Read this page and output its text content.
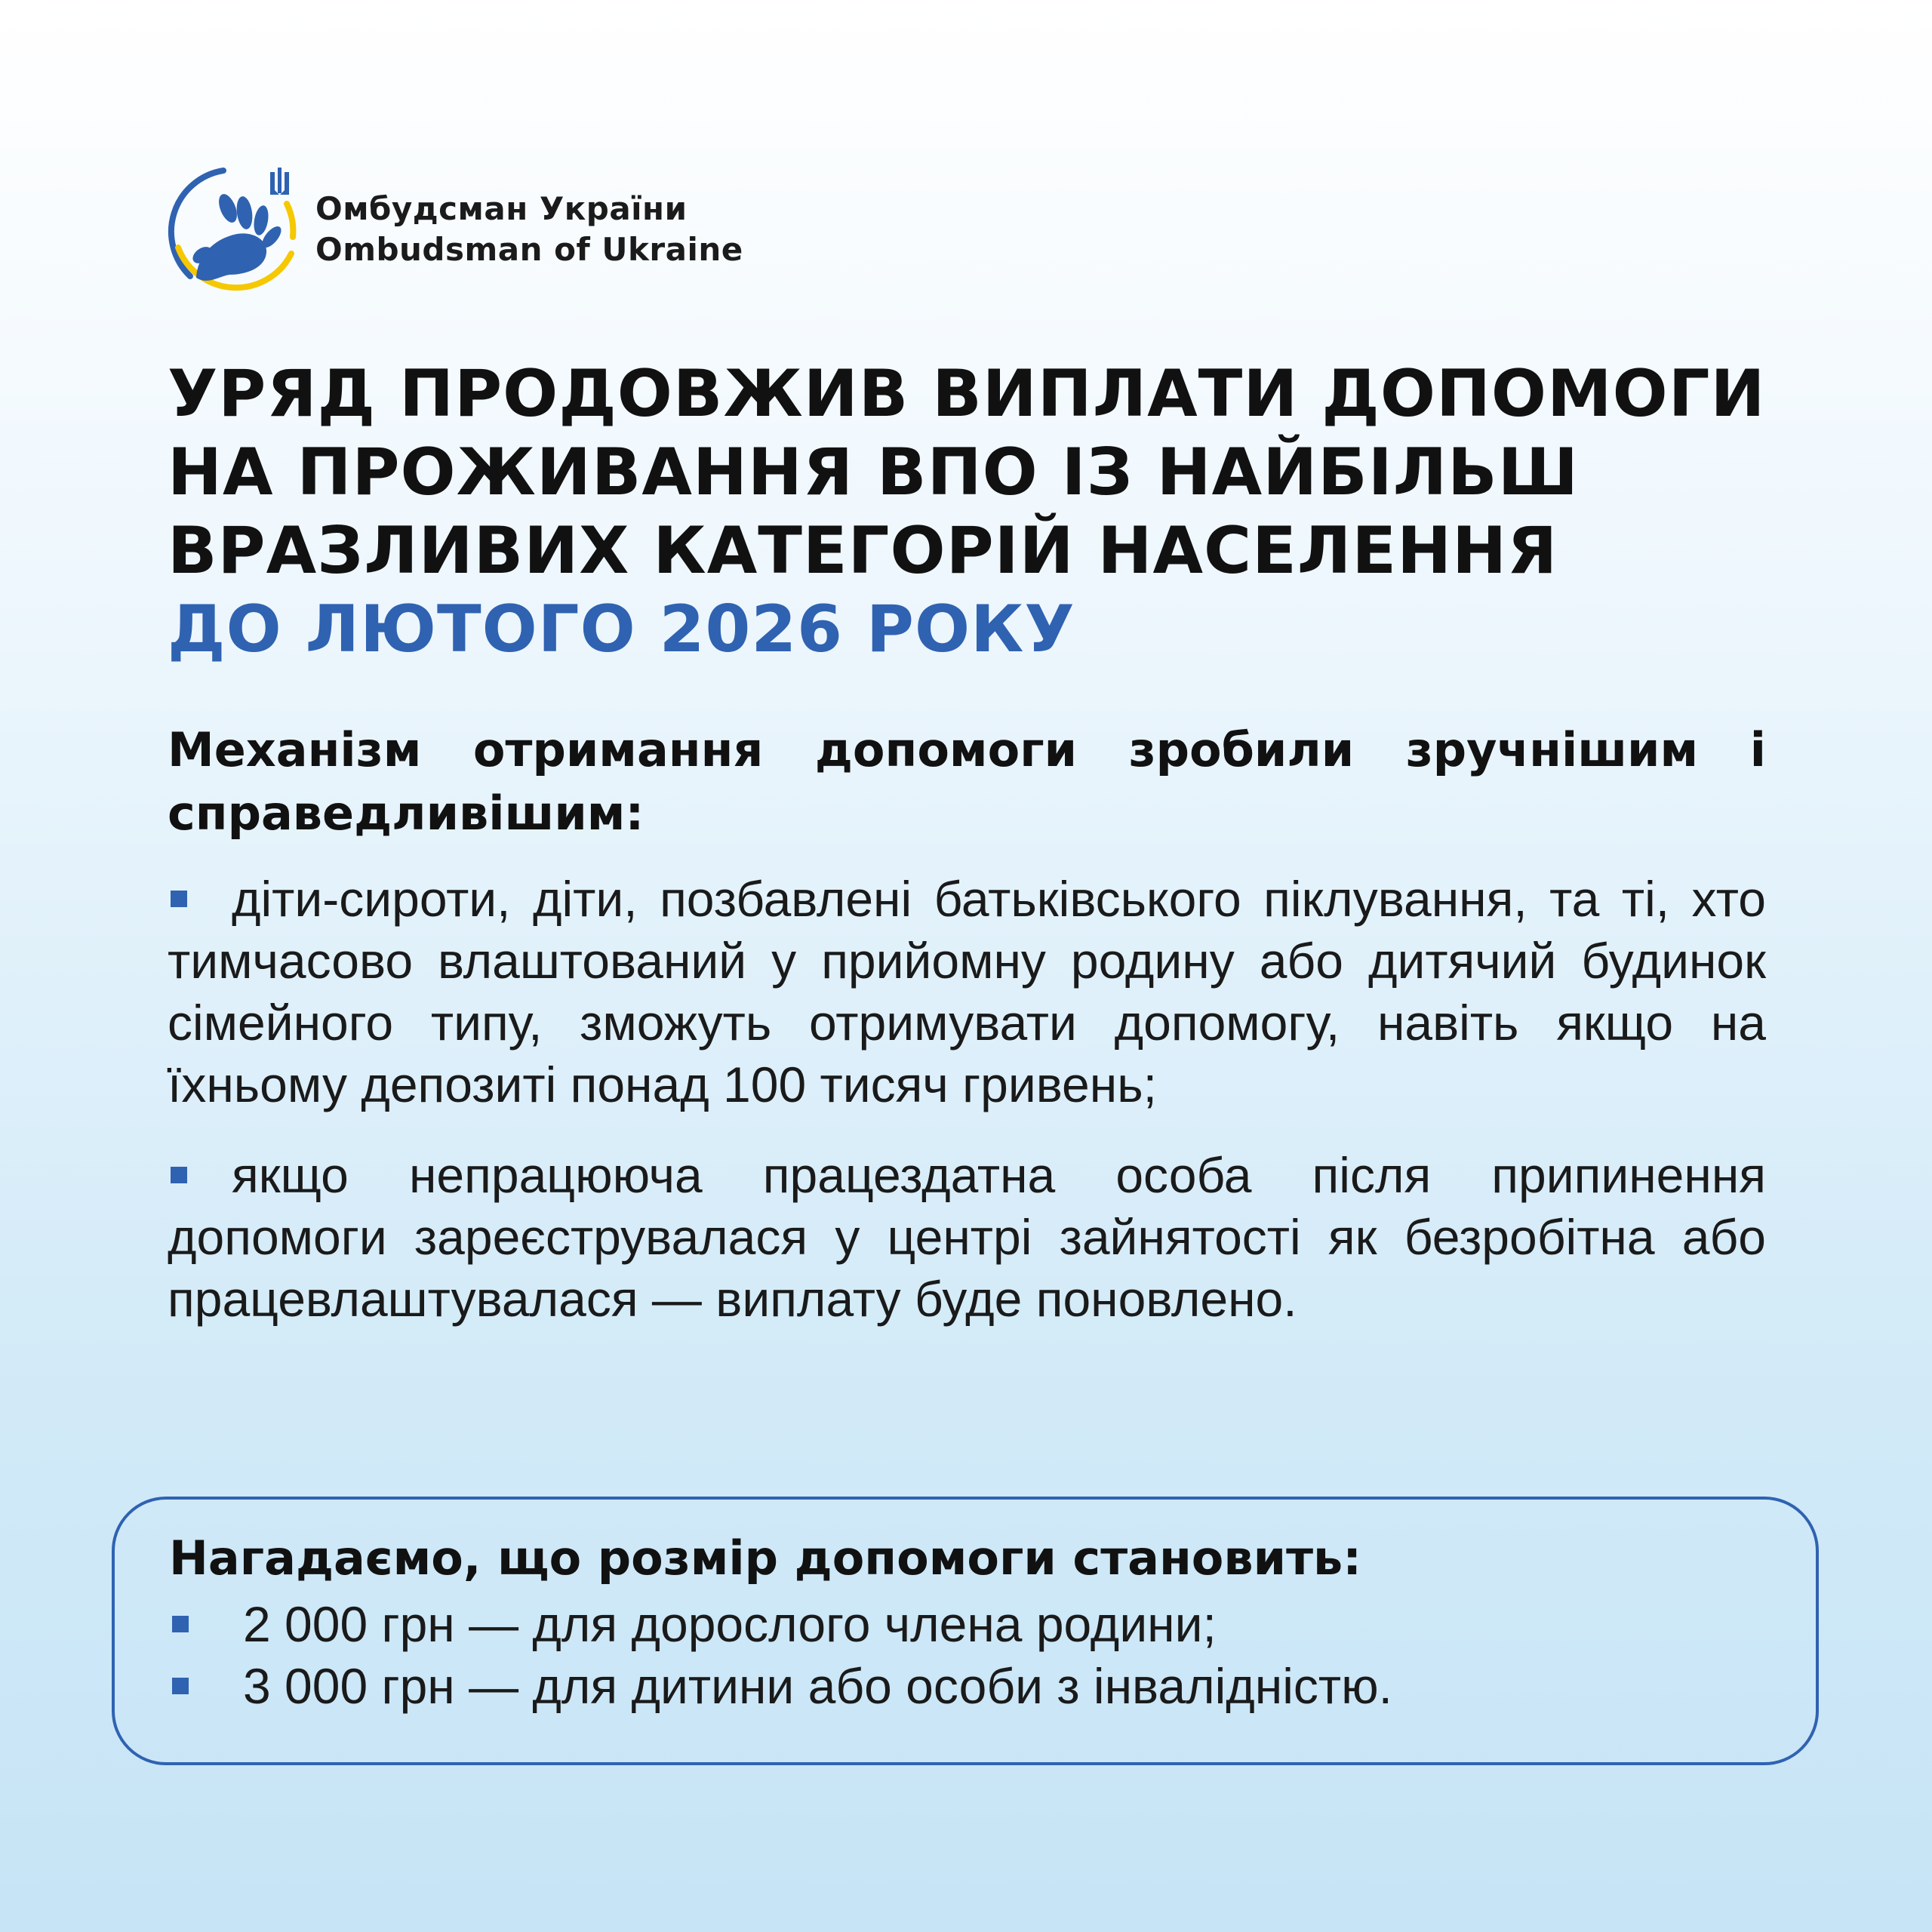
Омбудсман України
Ombudsman of Ukraine
УРЯД ПРОДОВЖИВ ВИПЛАТИ ДОПОМОГИ
НА ПРОЖИВАННЯ ВПО ІЗ НАЙБІЛЬШ
ВРАЗЛИВИХ КАТЕГОРІЙ НАСЕЛЕННЯ
ДО ЛЮТОГО 2026 РОКУ
Механізм отримання допомоги зробили зручнішим і справедливішим:

діти-сироти, діти, позбавлені батьківського піклування, та ті, хто тимчасово влаштований у прийомну родину або дитячий будинок сімейного типу, зможуть отримувати допомогу, навіть якщо на їхньому депозиті понад 100 тисяч гривень;

якщо непрацююча працездатна особа після припинення допомоги зареєструвалася у центрі зайнятості як безробітна або працевлаштувалася — виплату буде поновлено.

Нагадаємо, що розмір допомоги становить:
2 000 грн — для дорослого члена родини;
3 000 грн — для дитини або особи з інвалідністю.
